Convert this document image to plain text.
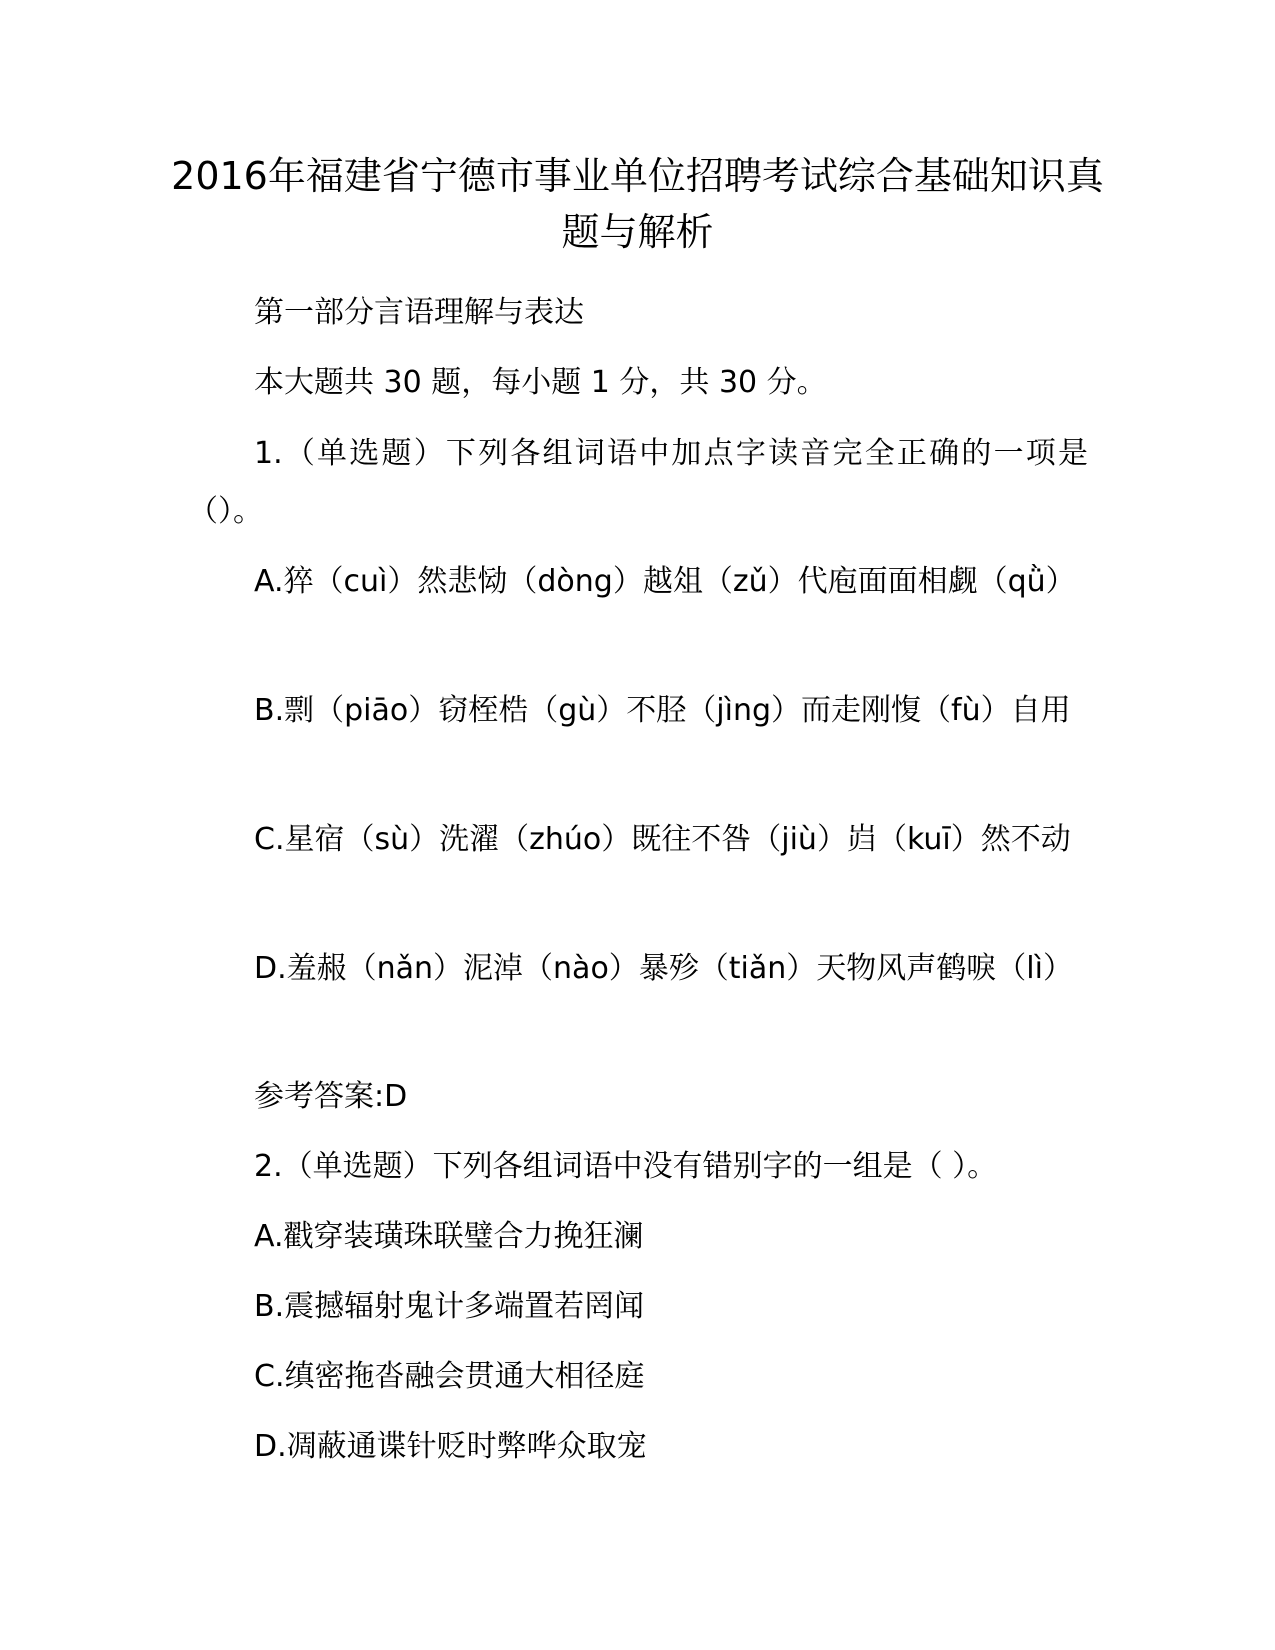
2016年福建省宁德市事业单位招聘考试综合基础知识真题与解析
第一部分言语理解与表达
本大题共 30 题，每小题 1 分，共 30 分。
1.（单选题）下列各组词语中加点字读音完全正确的一项是（）。
A.猝（cuì）然悲恸（dòng）越俎（zǔ）代庖面面相觑（qǜ）
B.剽（piāo）窃桎梏（gù）不胫（jìng）而走刚愎（fù）自用
C.星宿（sù）洗濯（zhúo）既往不咎（jiù）岿（kuī）然不动
D.羞赧（nǎn）泥淖（nào）暴殄（tiǎn）天物风声鹤唳（lì）
参考答案:D
2.（单选题）下列各组词语中没有错别字的一组是（ ）。
A.戳穿装璜珠联璧合力挽狂澜
B.震撼辐射鬼计多端置若罔闻
C.缜密拖沓融会贯通大相径庭
D.凋蔽通谍针贬时弊哗众取宠
